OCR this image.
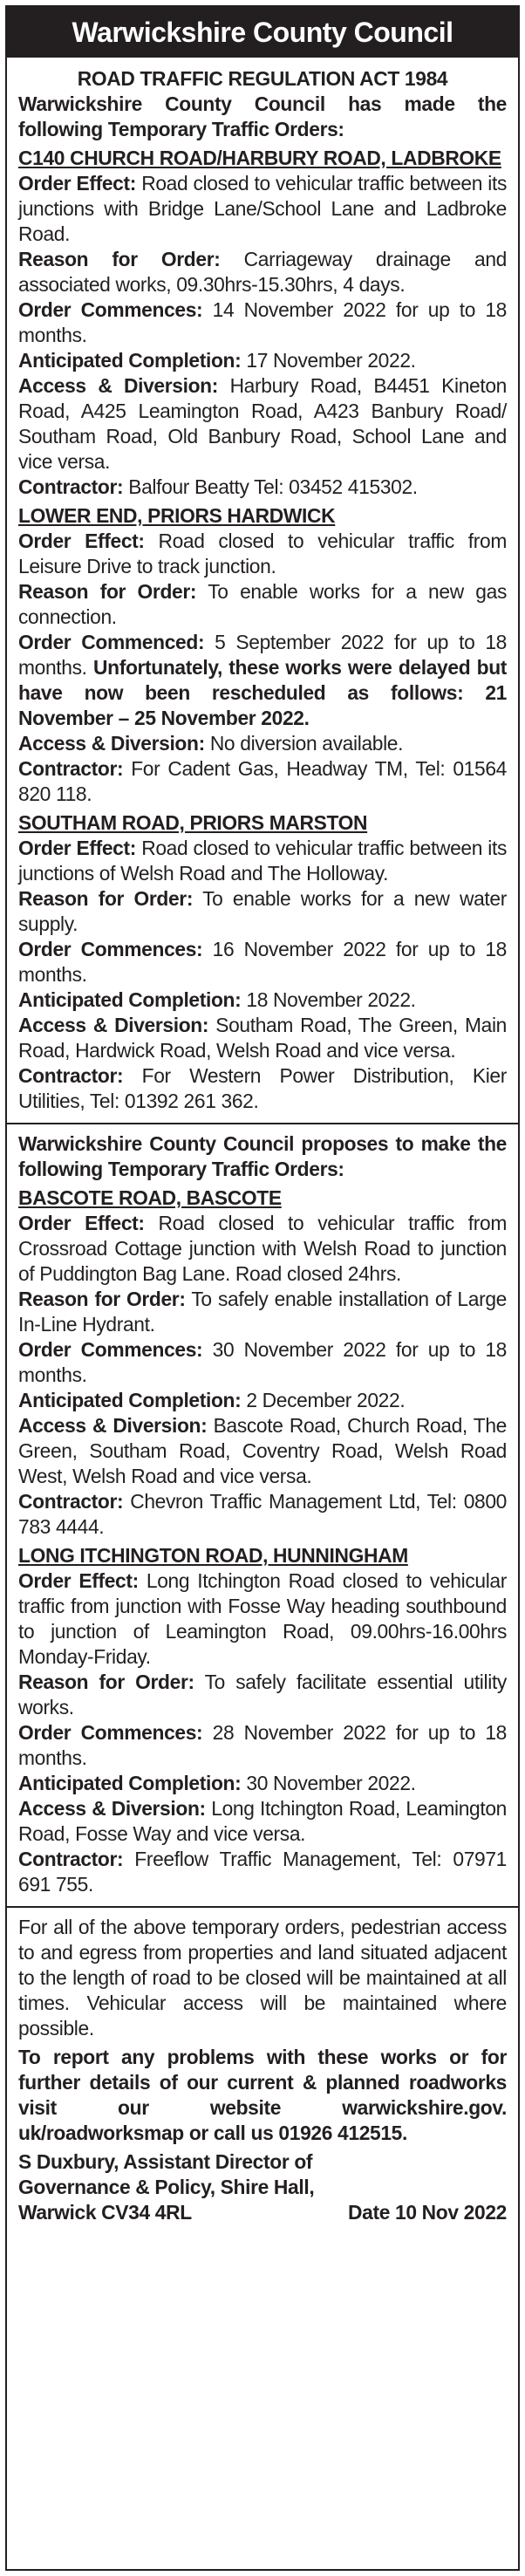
Warwickshire County Council

ROAD TRAFFIC REGULATION ACT 1984

Warwickshire County Council has made the following Temporary Traffic Orders:

C140 CHURCH ROAD/HARBURY ROAD, LADBROKE

Order Effect: Road closed to vehicular traffic between its junctions with Bridge Lane/School Lane and Ladbroke Road.

Reason for Order: Carriageway drainage and associated works, 09.30hrs-15.30hrs, 4 days.

Order Commences: 14 November 2022 for up to 18 months.

Anticipated Completion: 17 November 2022.

Access & Diversion: Harbury Road, B4451 Kineton Road, A425 Leamington Road, A423 Banbury Road/ Southam Road, Old Banbury Road, School Lane and vice versa.

Contractor: Balfour Beatty Tel: 03452 415302.

LOWER END, PRIORS HARDWICK

Order Effect: Road closed to vehicular traffic from Leisure Drive to track junction.

Reason for Order: To enable works for a new gas connection.

Order Commenced: 5 September 2022 for up to 18 months. Unfortunately, these works were delayed but have now been rescheduled as follows: 21 November – 25 November 2022.

Access & Diversion: No diversion available.

Contractor: For Cadent Gas, Headway TM, Tel: 01564 820 118.

SOUTHAM ROAD, PRIORS MARSTON

Order Effect: Road closed to vehicular traffic between its junctions of Welsh Road and The Holloway.

Reason for Order: To enable works for a new water supply.

Order Commences: 16 November 2022 for up to 18 months.

Anticipated Completion: 18 November 2022.

Access & Diversion: Southam Road, The Green, Main Road, Hardwick Road, Welsh Road and vice versa.

Contractor: For Western Power Distribution, Kier Utilities, Tel: 01392 261 362.

Warwickshire County Council proposes to make the following Temporary Traffic Orders:

BASCOTE ROAD, BASCOTE

Order Effect: Road closed to vehicular traffic from Crossroad Cottage junction with Welsh Road to junction of Puddington Bag Lane. Road closed 24hrs.

Reason for Order: To safely enable installation of Large In-Line Hydrant.

Order Commences: 30 November 2022 for up to 18 months.

Anticipated Completion: 2 December 2022.

Access & Diversion: Bascote Road, Church Road, The Green, Southam Road, Coventry Road, Welsh Road West, Welsh Road and vice versa.

Contractor: Chevron Traffic Management Ltd, Tel: 0800 783 4444.

LONG ITCHINGTON ROAD, HUNNINGHAM

Order Effect: Long Itchington Road closed to vehicular traffic from junction with Fosse Way heading southbound to junction of Leamington Road, 09.00hrs-16.00hrs Monday-Friday.

Reason for Order: To safely facilitate essential utility works.

Order Commences: 28 November 2022 for up to 18 months.

Anticipated Completion: 30 November 2022.

Access & Diversion: Long Itchington Road, Leamington Road, Fosse Way and vice versa.

Contractor: Freeflow Traffic Management, Tel: 07971 691 755.

For all of the above temporary orders, pedestrian access to and egress from properties and land situated adjacent to the length of road to be closed will be maintained at all times. Vehicular access will be maintained where possible.

To report any problems with these works or for further details of our current & planned roadworks visit our website warwickshire.gov. uk/roadworksmap or call us 01926 412515.

S Duxbury, Assistant Director of
Governance & Policy, Shire Hall,
Warwick CV34 4RL	Date 10 Nov 2022
